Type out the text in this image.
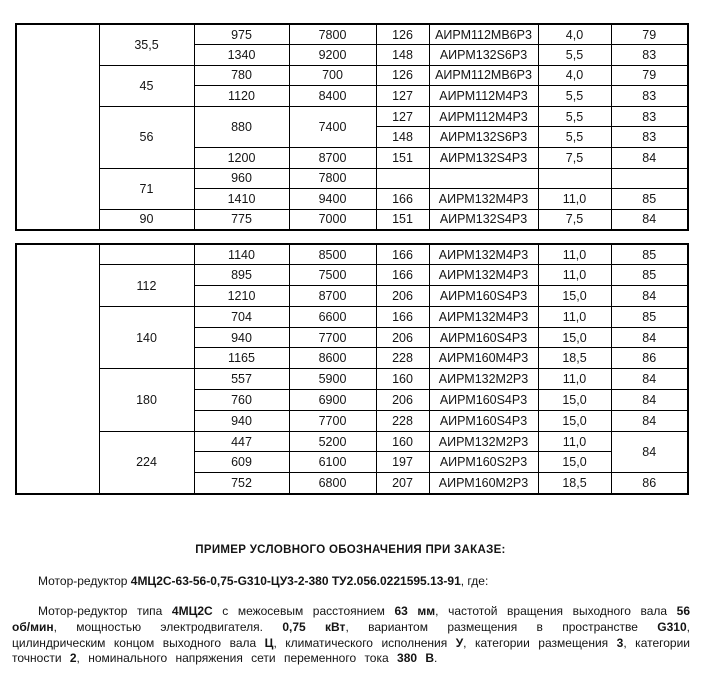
	35,5	975	7800	126	АИРМ112МВ6Р3	4,0	79
		1340	9200	148	АИРМ132S6Р3	5,5	83
	45	780	700	126	АИРМ112МВ6Р3	4,0	79
		1120	8400	127	АИРМ112М4Р3	5,5	83
	56	880	7400	127	АИРМ112М4Р3	5,5	83
				148	АИРМ132S6Р3	5,5	83
		1200	8700	151	АИРМ132S4Р3	7,5	84
	71	960	7800				
		1410	9400	166	АИРМ132М4Р3	11,0	85
	90	775	7000	151	АИРМ132S4Р3	7,5	84
		1140	8500	166	АИРМ132М4Р3	11,0	85
	112	895	7500	166	АИРМ132М4Р3	11,0	85
		1210	8700	206	АИРМ160S4Р3	15,0	84
	140	704	6600	166	АИРМ132М4Р3	11,0	85
		940	7700	206	АИРМ160S4Р3	15,0	84
		1165	8600	228	АИРМ160М4Р3	18,5	86
	180	557	5900	160	АИРМ132М2Р3	11,0	84
		760	6900	206	АИРМ160S4Р3	15,0	84
		940	7700	228	АИРМ160S4Р3	15,0	84
	224	447	5200	160	АИРМ132М2Р3	11,0	84
		609	6100	197	АИРМ160S2Р3	15,0	
		752	6800	207	АИРМ160М2Р3	18,5	86
ПРИМЕР УСЛОВНОГО ОБОЗНАЧЕНИЯ ПРИ ЗАКАЗЕ:

Мотор-редуктор 4МЦ2С-63-56-0,75-G310-ЦУ3-2-380 ТУ2.056.0221595.13-91, где:

Мотор-редуктор типа 4МЦ2С с межосевым расстоянием 63 мм, частотой вращения выходного вала 56 об/мин, мощностью электродвигателя. 0,75 кВт, вариантом размещения в пространстве G310, цилиндрическим концом выходного вала Ц, климатического исполнения У, категории размещения 3, категории точности 2, номинального напряжения сети переменного тока 380 В.
